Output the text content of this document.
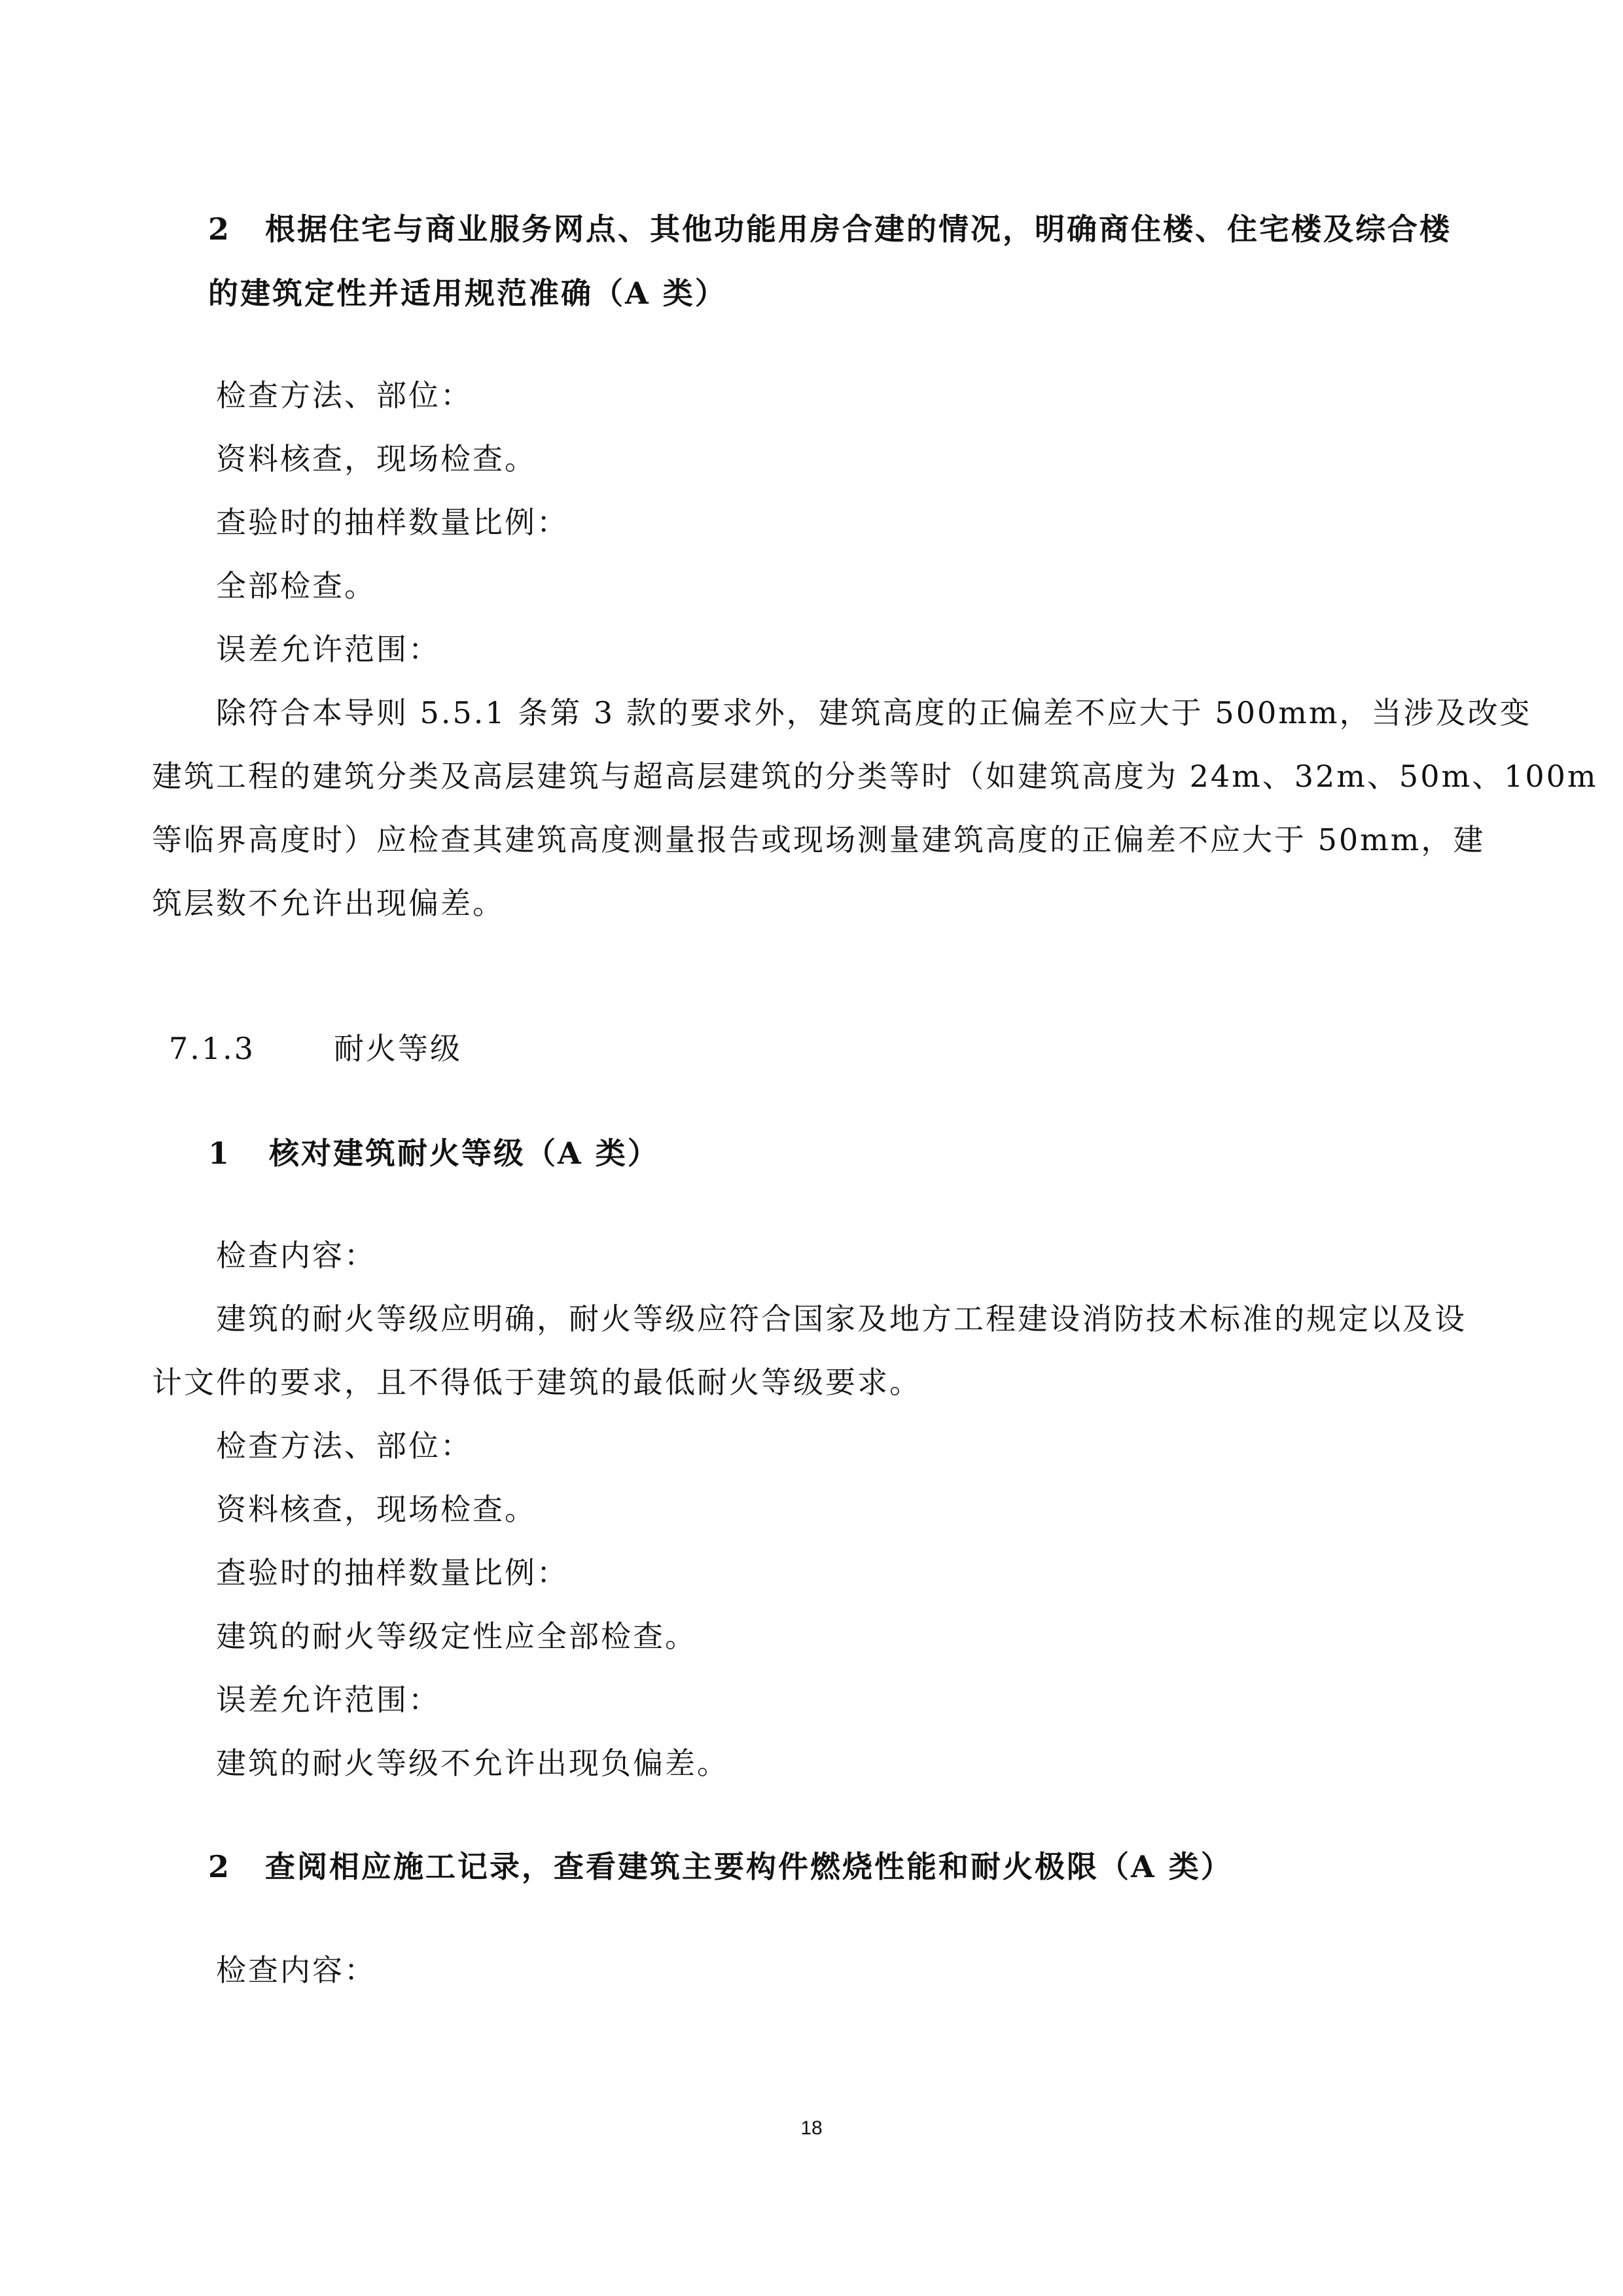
2 根据住宅与商业服务网点、其他功能用房合建的情况，明确商住楼、住宅楼及综合楼
的建筑定性并适用规范准确（A 类）
检查方法、部位：
资料核查，现场检查。
查验时的抽样数量比例：
全部检查。
误差允许范围：
除符合本导则 5.5.1 条第 3 款的要求外，建筑高度的正偏差不应大于 500mm，当涉及改变
建筑工程的建筑分类及高层建筑与超高层建筑的分类等时（如建筑高度为 24m、32m、50m、100m
等临界高度时）应检查其建筑高度测量报告或现场测量建筑高度的正偏差不应大于 50mm，建
筑层数不允许出现偏差。
7.1.3	耐火等级
1 核对建筑耐火等级（A 类）
检查内容：
建筑的耐火等级应明确，耐火等级应符合国家及地方工程建设消防技术标准的规定以及设
计文件的要求，且不得低于建筑的最低耐火等级要求。
检查方法、部位：
资料核查，现场检查。
查验时的抽样数量比例：
建筑的耐火等级定性应全部检查。
误差允许范围：
建筑的耐火等级不允许出现负偏差。
2 查阅相应施工记录，查看建筑主要构件燃烧性能和耐火极限（A 类）
检查内容：
18
